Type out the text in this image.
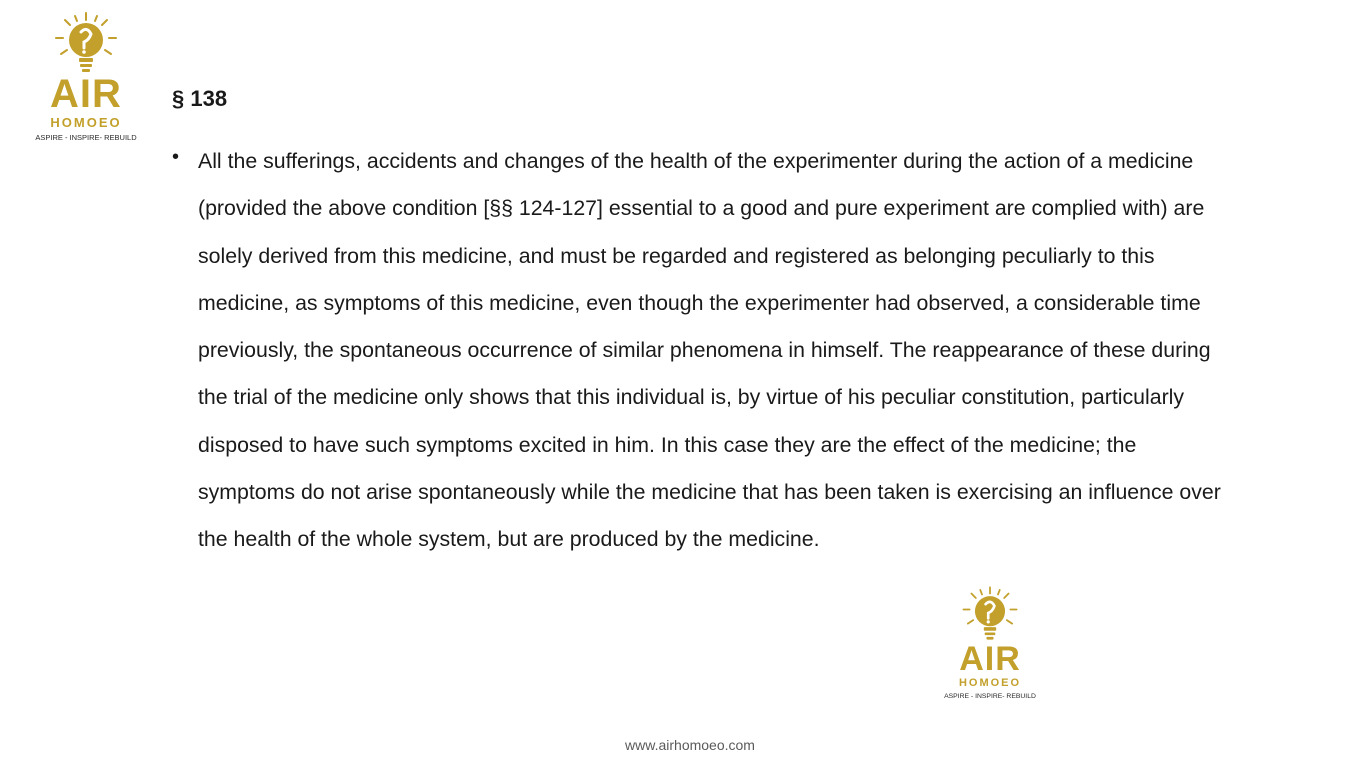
AIR
HOMOEO
ASPIRE - INSPIRE- REBUILD
§ 138
• All the sufferings, accidents and changes of the health of the experimenter during the action of a medicine (provided the above condition [§§ 124-127] essential to a good and pure experiment are complied with) are solely derived from this medicine, and must be regarded and registered as belonging peculiarly to this medicine, as symptoms of this medicine, even though the experimenter had observed, a considerable time previously, the spontaneous occurrence of similar phenomena in himself. The reappearance of these during the trial of the medicine only shows that this individual is, by virtue of his peculiar constitution, particularly disposed to have such symptoms excited in him. In this case they are the effect of the medicine; the symptoms do not arise spontaneously while the medicine that has been taken is exercising an influence over the health of the whole system, but are produced by the medicine.

AIR
HOMOEO
ASPIRE - INSPIRE- REBUILD
www.airhomoeo.com
